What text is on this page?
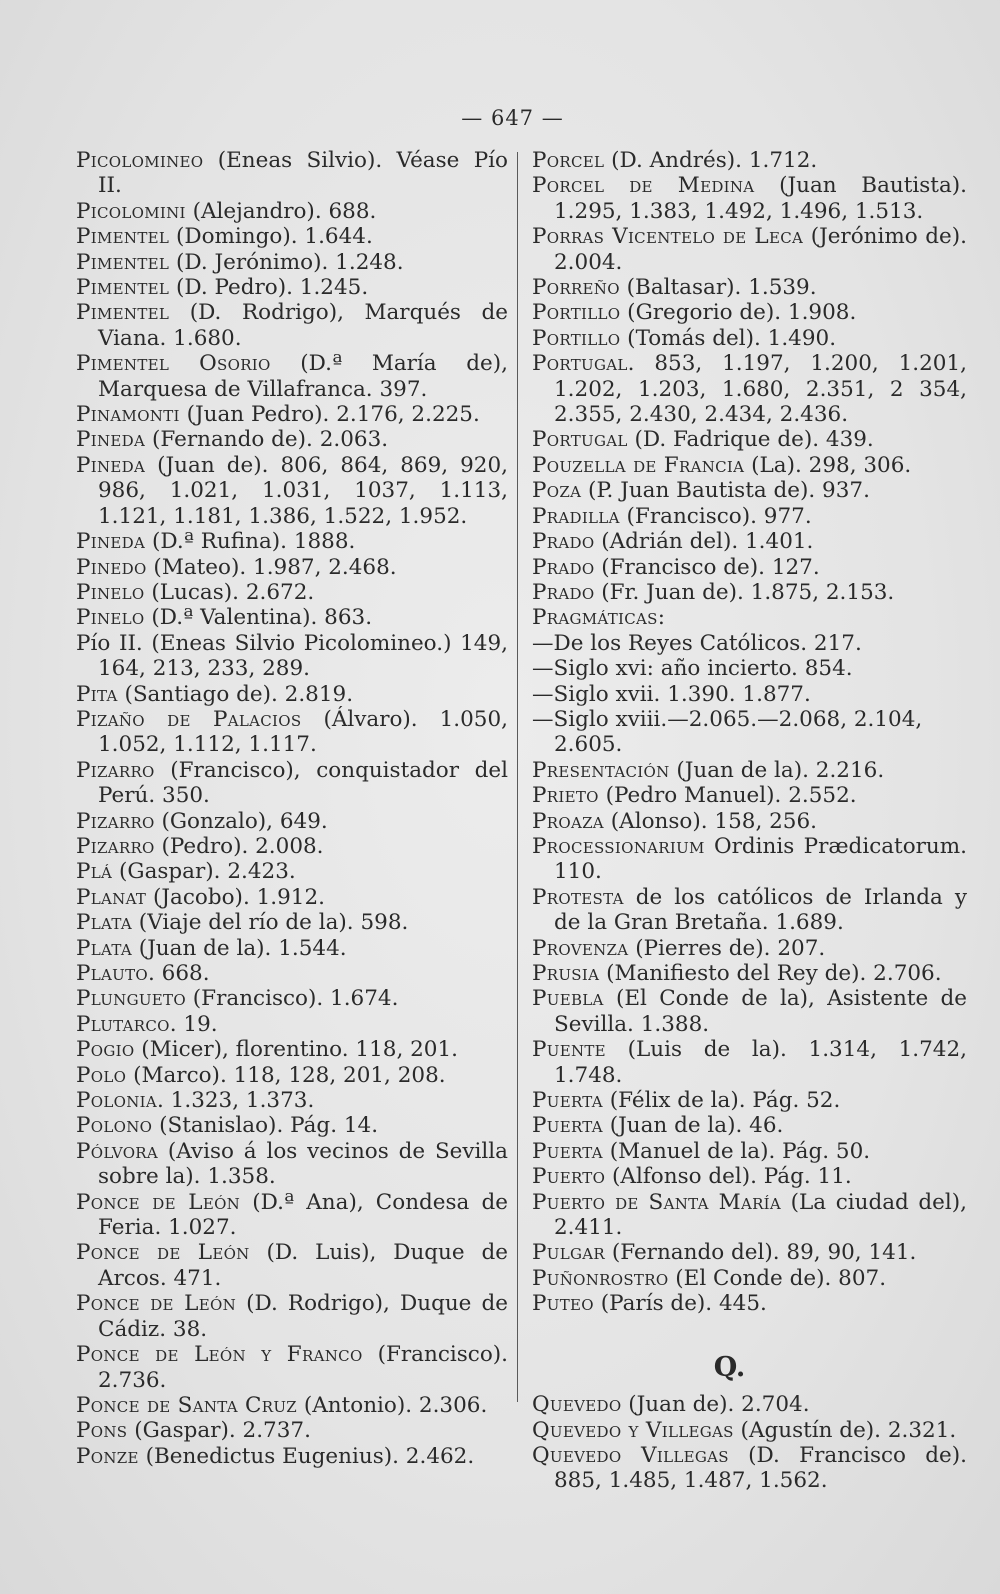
— 647 —

Picolomineo (Eneas Silvio). Véase Pío II.

Picolomini (Alejandro). 688.

Pimentel (Domingo). 1.644.

Pimentel (D. Jerónimo). 1.248.

Pimentel (D. Pedro). 1.245.

Pimentel (D. Rodrigo), Marqués de Viana. 1.680.

Pimentel Osorio (D.ª María de), Marquesa de Villafranca. 397.

Pinamonti (Juan Pedro). 2.176, 2.225.

Pineda (Fernando de). 2.063.

Pineda (Juan de). 806, 864, 869, 920, 986, 1.021, 1.031, 1037, 1.113, 1.121, 1.181, 1.386, 1.522, 1.952.

Pineda (D.ª Rufina). 1888.

Pinedo (Mateo). 1.987, 2.468.

Pinelo (Lucas). 2.672.

Pinelo (D.ª Valentina). 863.

Pío II. (Eneas Silvio Picolomineo.) 149, 164, 213, 233, 289.

Pita (Santiago de). 2.819.

Pizaño de Palacios (Álvaro). 1.050, 1.052, 1.112, 1.117.

Pizarro (Francisco), conquistador del Perú. 350.

Pizarro (Gonzalo), 649.

Pizarro (Pedro). 2.008.

Plá (Gaspar). 2.423.

Planat (Jacobo). 1.912.

Plata (Viaje del río de la). 598.

Plata (Juan de la). 1.544.

Plauto. 668.

Plungueto (Francisco). 1.674.

Plutarco. 19.

Pogio (Micer), florentino. 118, 201.

Polo (Marco). 118, 128, 201, 208.

Polonia. 1.323, 1.373.

Polono (Stanislao). Pág. 14.

Pólvora (Aviso á los vecinos de Sevilla sobre la). 1.358.

Ponce de León (D.ª Ana), Condesa de Feria. 1.027.

Ponce de León (D. Luis), Duque de Arcos. 471.

Ponce de León (D. Rodrigo), Duque de Cádiz. 38.

Ponce de León y Franco (Francisco). 2.736.

Ponce de Santa Cruz (Antonio). 2.306.

Pons (Gaspar). 2.737.

Ponze (Benedictus Eugenius). 2.462.

Porcel (D. Andrés). 1.712.

Porcel de Medina (Juan Bautista). 1.295, 1.383, 1.492, 1.496, 1.513.

Porras Vicentelo de Leca (Jerónimo de). 2.004.

Porreño (Baltasar). 1.539.

Portillo (Gregorio de). 1.908.

Portillo (Tomás del). 1.490.

Portugal. 853, 1.197, 1.200, 1.201, 1.202, 1.203, 1.680, 2.351, 2 354, 2.355, 2.430, 2.434, 2.436.

Portugal (D. Fadrique de). 439.

Pouzella de Francia (La). 298, 306.

Poza (P. Juan Bautista de). 937.

Pradilla (Francisco). 977.

Prado (Adrián del). 1.401.

Prado (Francisco de). 127.

Prado (Fr. Juan de). 1.875, 2.153.

Pragmáticas:

—De los Reyes Católicos. 217.

—Siglo xvi: año incierto. 854.

—Siglo xvii. 1.390. 1.877.

—Siglo xviii.—2.065.—2.068, 2.104, 2.605.

Presentación (Juan de la). 2.216.

Prieto (Pedro Manuel). 2.552.

Proaza (Alonso). 158, 256.

Processionarium Ordinis Prædicatorum. 110.

Protesta de los católicos de Irlanda y de la Gran Bretaña. 1.689.

Provenza (Pierres de). 207.

Prusia (Manifiesto del Rey de). 2.706.

Puebla (El Conde de la), Asistente de Sevilla. 1.388.

Puente (Luis de la). 1.314, 1.742, 1.748.

Puerta (Félix de la). Pág. 52.

Puerta (Juan de la). 46.

Puerta (Manuel de la). Pág. 50.

Puerto (Alfonso del). Pág. 11.

Puerto de Santa María (La ciudad del), 2.411.

Pulgar (Fernando del). 89, 90, 141.

Puñonrostro (El Conde de). 807.

Puteo (París de). 445.

Q.

Quevedo (Juan de). 2.704.

Quevedo y Villegas (Agustín de). 2.321.

Quevedo Villegas (D. Francisco de). 885, 1.485, 1.487, 1.562.
